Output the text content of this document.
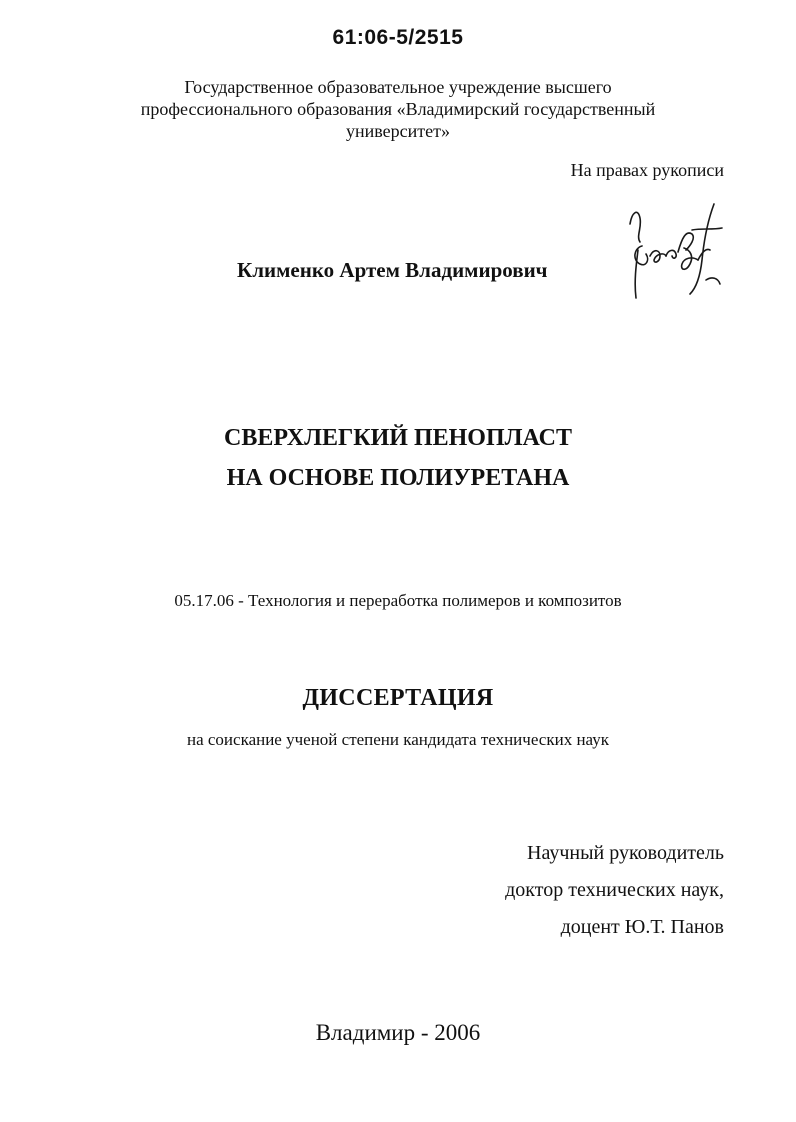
61:06-5/2515
Государственное образовательное учреждение высшего
профессионального образования «Владимирский государственный
университет»
На правах рукописи
Клименко Артем Владимирович
СВЕРХЛЕГКИЙ ПЕНОПЛАСТ
НА ОСНОВЕ ПОЛИУРЕТАНА
05.17.06 - Технология и переработка полимеров и композитов
ДИССЕРТАЦИЯ
на соискание ученой степени кандидата технических наук
Научный руководитель
доктор технических наук,
доцент Ю.Т. Панов
Владимир - 2006
